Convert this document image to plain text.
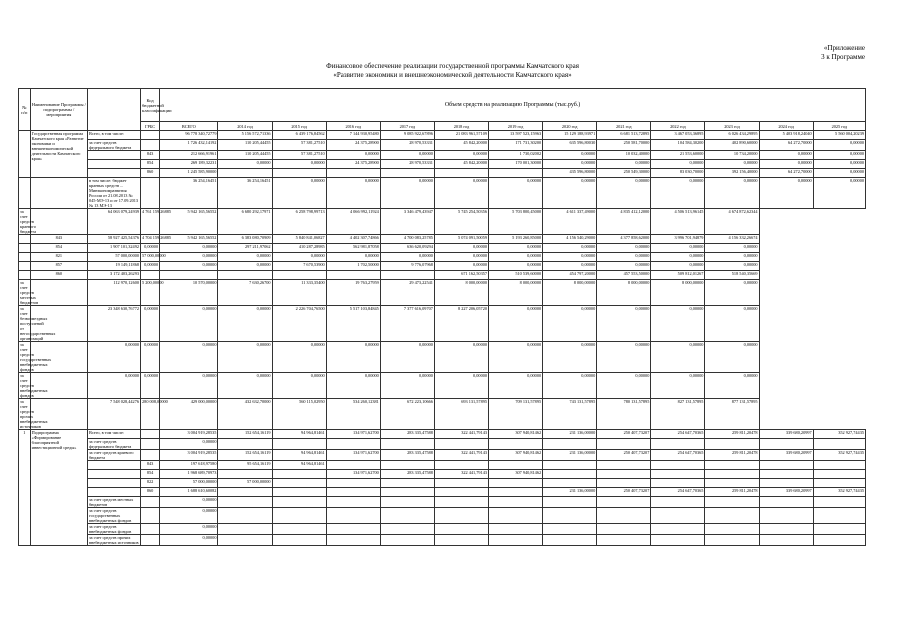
«Приложение
3 к Программе
Финансовое обеспечение реализации государственной программы Камчатского края
«Развитие экономики и внешнеэкономической деятельности Камчатского края»
№ п/п	Наименование Программы / подпрограммы / мероприятия		Код бюджетной классификации	Объем средств на реализацию Программы (тыс.руб.)												
			ГРБС	ВСЕГО	2014 год	2015 год	2016 год	2017 год	2018 год	2019 год	2020 год	2021 год	2022 год	2023 год	2024 год	2025 год
	Государственная программа Камчатского края «Развитие экономики и внешнеэкономической деятельности Камчатского края»	Всего, в том числе:		96 778 340,72779	5 156 572,71336	6 439 176,84562	7 144 930,95480	9 085 922,67896	21 083 961,57109	13 597 523,15963	15 129 188,93971	6 681 513,72895	3 467 053,36895	6 026 434,29895	5 403 918,24040	5 560 004,20239
		за счет средств федерального бюджета		1 726 432,14192	110 205,44455	57 381,27510	24 375,28900	28 970,53331	45 842,20000	171 731,30200	635 596,80030	250 581,70000	104 584,30200	402 890,60000	64 272,70000	0,00000
			843	212 666,91961	110 205,44455	57 381,27510	0,00000	0,00000	0,00000	1 730,02002	0,00000	10 032,40000	21 553,60000	10 734,20000	0,00000	0,00000
			854	269 189,32231	0,00000	0,00000	24 375,28900	28 970,53331	45 842,20000	170 001,30000	0,00000	0,00000	0,00000	0,00000	0,00000	0,00000
			860	1 245 585,90000							435 596,80000	250 549,30000	83 030,70000	392 156,40000	64 272,70000	0,00000
		в том числе: бюджет краевых средств ... Минэкономразвития России от 21.08.2013 № 045-МЭ-13 и от 17.09.2013 № 13 МЭ-13		36 254,16451	36 254,16451	0,00000	0,00000	0,00000	0,00000	0,00000	0,00000	0,00000	0,00000	0,00000	0,00000	0,00000
за счет средств краевого бюджета		64 063 079,24939	4 761 159,26885	5 942 165,56552	6 680 292,17971	6 258 798,99713	4 066 992,11924	3 346 479,43947	5 745 254,50356	5 703 800,45000	4 611 337,49000	4 835 412,12000	4 506 513,96145	4 674 872,62344		
	843	58 927 425,54376	4 704 159,26885	5 942 165,56552	6 383 080,70909	5 840 841,06827	4 402 307,74866	4 700 083,25785	5 074 091,50059	5 193 260,85000	4 156 540,29000	4 377 858,62000	3 996 701,94879	4 156 332,26674		
	854	1 907 101,32492	0,00000	0,00000	297 211,97062	410 287,28985	562 981,87058	636 620,09294	0,00000	0,00000	0,00000	0,00000	0,00000	0,00000		
	821	57 000,00000	57 000,00000	0,00000	0,00000	0,00000	0,00000	0,00000	0,00000	0,00000	0,00000	0,00000	0,00000	0,00000		
	857	19 149,11868	0,00000	0,00000	0,00000	7 670,53900	1 702,50000	9 776,07968	0,00000	0,00000	0,00000	0,00000	0,00000	0,00000		
	860	3 172 403,26293							671 162,50357	510 539,60000	454 797,20000	457 553,50000	509 812,01267	518 540,35669		
за счет средств местных бюджетов		112 970,12600	5 200,00000	10 570,00000	7 630,26700	11 333,35400	19 763,27959	29 473,22541	8 000,00000	8 000,00000	8 000,00000	8 000,00000	8 000,00000	0,00000		
за счет безвозмездных поступлений от негосударственных организаций		23 348 630,76772	0,00000	0,00000	0,00000	2 226 704,76500	5 517 103,84845	7 377 616,09707	8 227 206,05720	0,00000	0,00000	0,00000	0,00000	0,00000		
за счет средств государственных внебюджетных фондов		0,00000	0,00000	0,00000	0,00000	0,00000	0,00000	0,00000	0,00000	0,00000	0,00000	0,00000	0,00000	0,00000		
за счет средств внебюджетных фондов		0,00000	0,00000	0,00000	0,00000	0,00000	0,00000	0,00000	0,00000	0,00000	0,00000	0,00000	0,00000	0,00000		
за счет средств прочих внебюджетных источников		7 548 028,44276	280 008,00000	429 000,00000	432 632,70000	560 115,02950	534 260,12381	672 223,10666	693 131,57895	709 131,57895	743 131,57895	780 131,57895	827 131,57895	877 131,57895		
1	Подпрограмма «Формирование благоприятной инвестиционной среды»	Всего, в том числе:		3 004 919,28535	152 654,16119	94 964,81461	134 971,62700	283 335,47588	322 441,79143	307 940,81462	231 136,00000	250 407,73207	254 647,70365	259 811,20478	339 680,20997	352 927,74435
		за счет средств федерального бюджета		0,00000												
		за счет средств краевого бюджета		3 004 919,28535	152 654,16119	94 964,81461	134 971,62700	283 335,47588	322 441,79143	307 940,81462	231 136,00000	250 407,73207	254 647,70365	259 811,20478	339 680,20997	352 927,74435
			843	197 618,97580	95 654,16119	94 964,81461										
			854	1 968 689,70973			134 971,62700	283 335,47588	322 441,79143	307 940,81462						
			822	57 000,00000	57 000,00000											
			860	1 688 610,60082							231 136,00000	250 407,73207	254 647,70365	259 811,20478	339 680,20997	352 927,74435
		за счет средств местных бюджетов		0,00000												
		за счет средств государственных внебюджетных фондов		0,00000												
		за счет средств внебюджетных фондов		0,00000												
		за счет средств прочих внебюджетных источников		0,00000												
